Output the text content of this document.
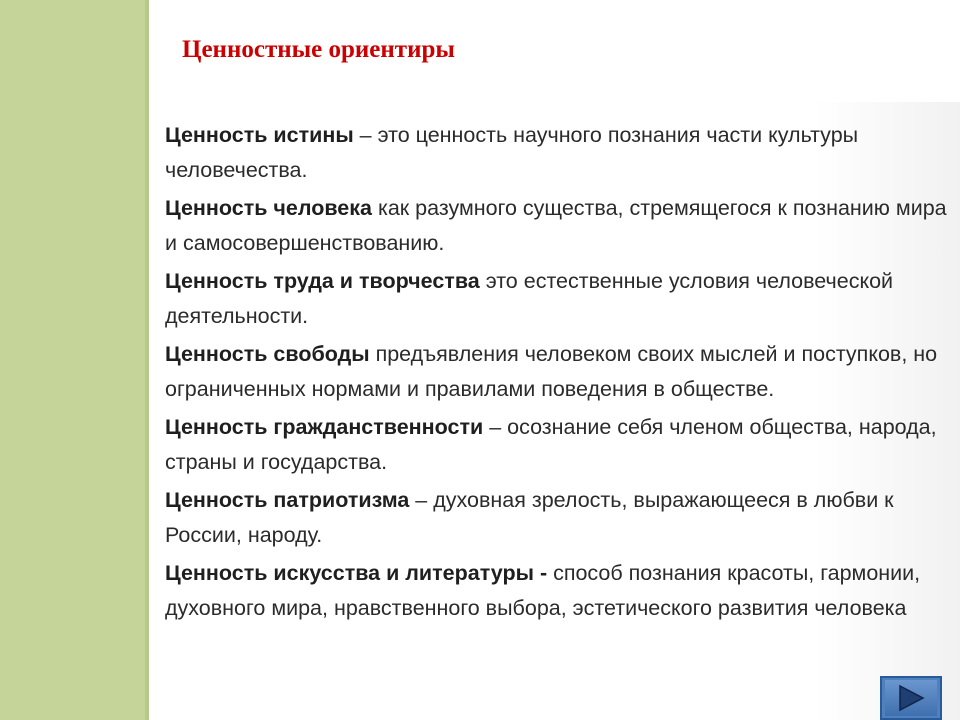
Ценностные ориентиры

Ценность истины – это ценность научного познания части культуры человечества.

Ценность человека как разумного существа, стремящегося к познанию мира и самосовершенствованию.

Ценность труда и творчества это естественные условия человеческой деятельности.

Ценность свободы предъявления человеком своих мыслей и поступков, но ограниченных нормами и правилами поведения в обществе.

Ценность гражданственности – осознание себя членом общества, народа, страны и государства.

Ценность патриотизма – духовная зрелость, выражающееся в любви к России, народу.

Ценность искусства и литературы - способ познания красоты, гармонии, духовного мира, нравственного выбора, эстетического развития человека
